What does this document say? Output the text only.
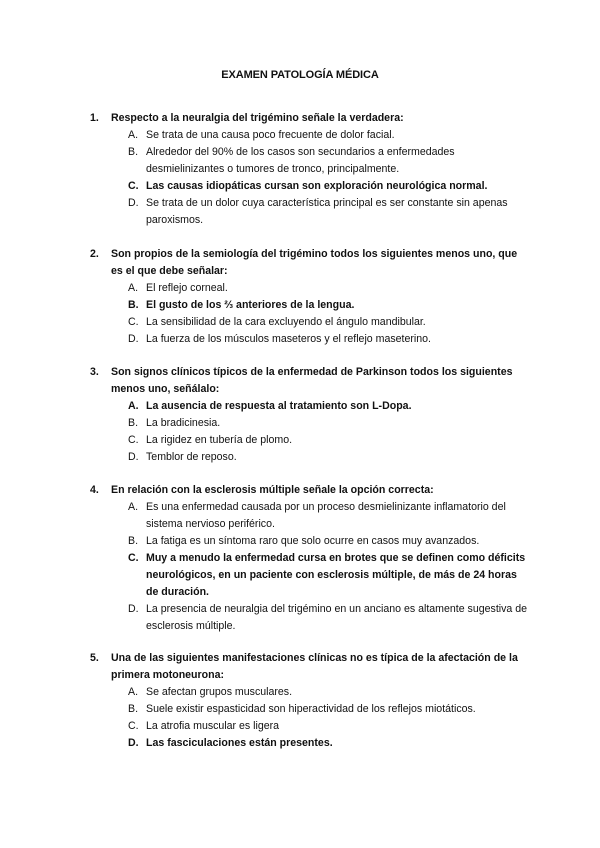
EXAMEN PATOLOGÍA MÉDICA
1. Respecto a la neuralgia del trigémino señale la verdadera:
A. Se trata de una causa poco frecuente de dolor facial.
B. Alrededor del 90% de los casos son secundarios a enfermedades desmielinizantes o tumores de tronco, principalmente.
C. Las causas idiopáticas cursan son exploración neurológica normal.
D. Se trata de un dolor cuya característica principal es ser constante sin apenas paroxismos.
2. Son propios de la semiología del trigémino todos los siguientes menos uno, que es el que debe señalar:
A. El reflejo corneal.
B. El gusto de los ⅔ anteriores de la lengua.
C. La sensibilidad de la cara excluyendo el ángulo mandibular.
D. La fuerza de los músculos maseteros y el reflejo maseterino.
3. Son signos clínicos típicos de la enfermedad de Parkinson todos los siguientes menos uno, señálalo:
A. La ausencia de respuesta al tratamiento son L-Dopa.
B. La bradicinesia.
C. La rigidez en tubería de plomo.
D. Temblor de reposo.
4. En relación con la esclerosis múltiple señale la opción correcta:
A. Es una enfermedad causada por un proceso desmielinizante inflamatorio del sistema nervioso periférico.
B. La fatiga es un síntoma raro que solo ocurre en casos muy avanzados.
C. Muy a menudo la enfermedad cursa en brotes que se definen como déficits neurológicos, en un paciente con esclerosis múltiple, de más de 24 horas de duración.
D. La presencia de neuralgia del trigémino en un anciano es altamente sugestiva de esclerosis múltiple.
5. Una de las siguientes manifestaciones clínicas no es típica de la afectación de la primera motoneurona:
A. Se afectan grupos musculares.
B. Suele existir espasticidad son hiperactividad de los reflejos miotáticos.
C. La atrofia muscular es ligera
D. Las fasciculaciones están presentes.
